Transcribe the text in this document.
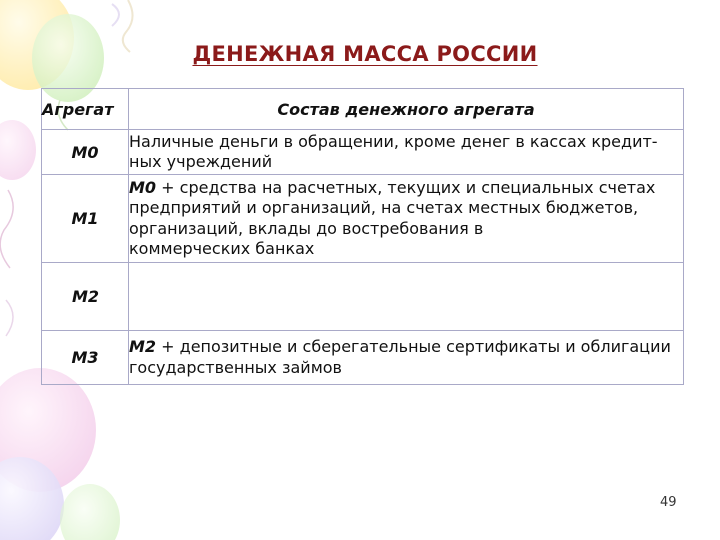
ДЕНЕЖНАЯ МАССА РОССИИ
Агрегат	Состав денежного агрегата
M0	Наличные деньги в обращении, кроме денег в кассах кредит-
ных учреждений

M1	M0 + средства на расчетных, текущих и специальных счетах
предприятий и организаций, на счетах местных бюджетов,
организаций, вклады до востребования в
коммерческих банках

M2	
M3	M2 + депозитные и сберегательные сертификаты и облигации
государственных займов
49
